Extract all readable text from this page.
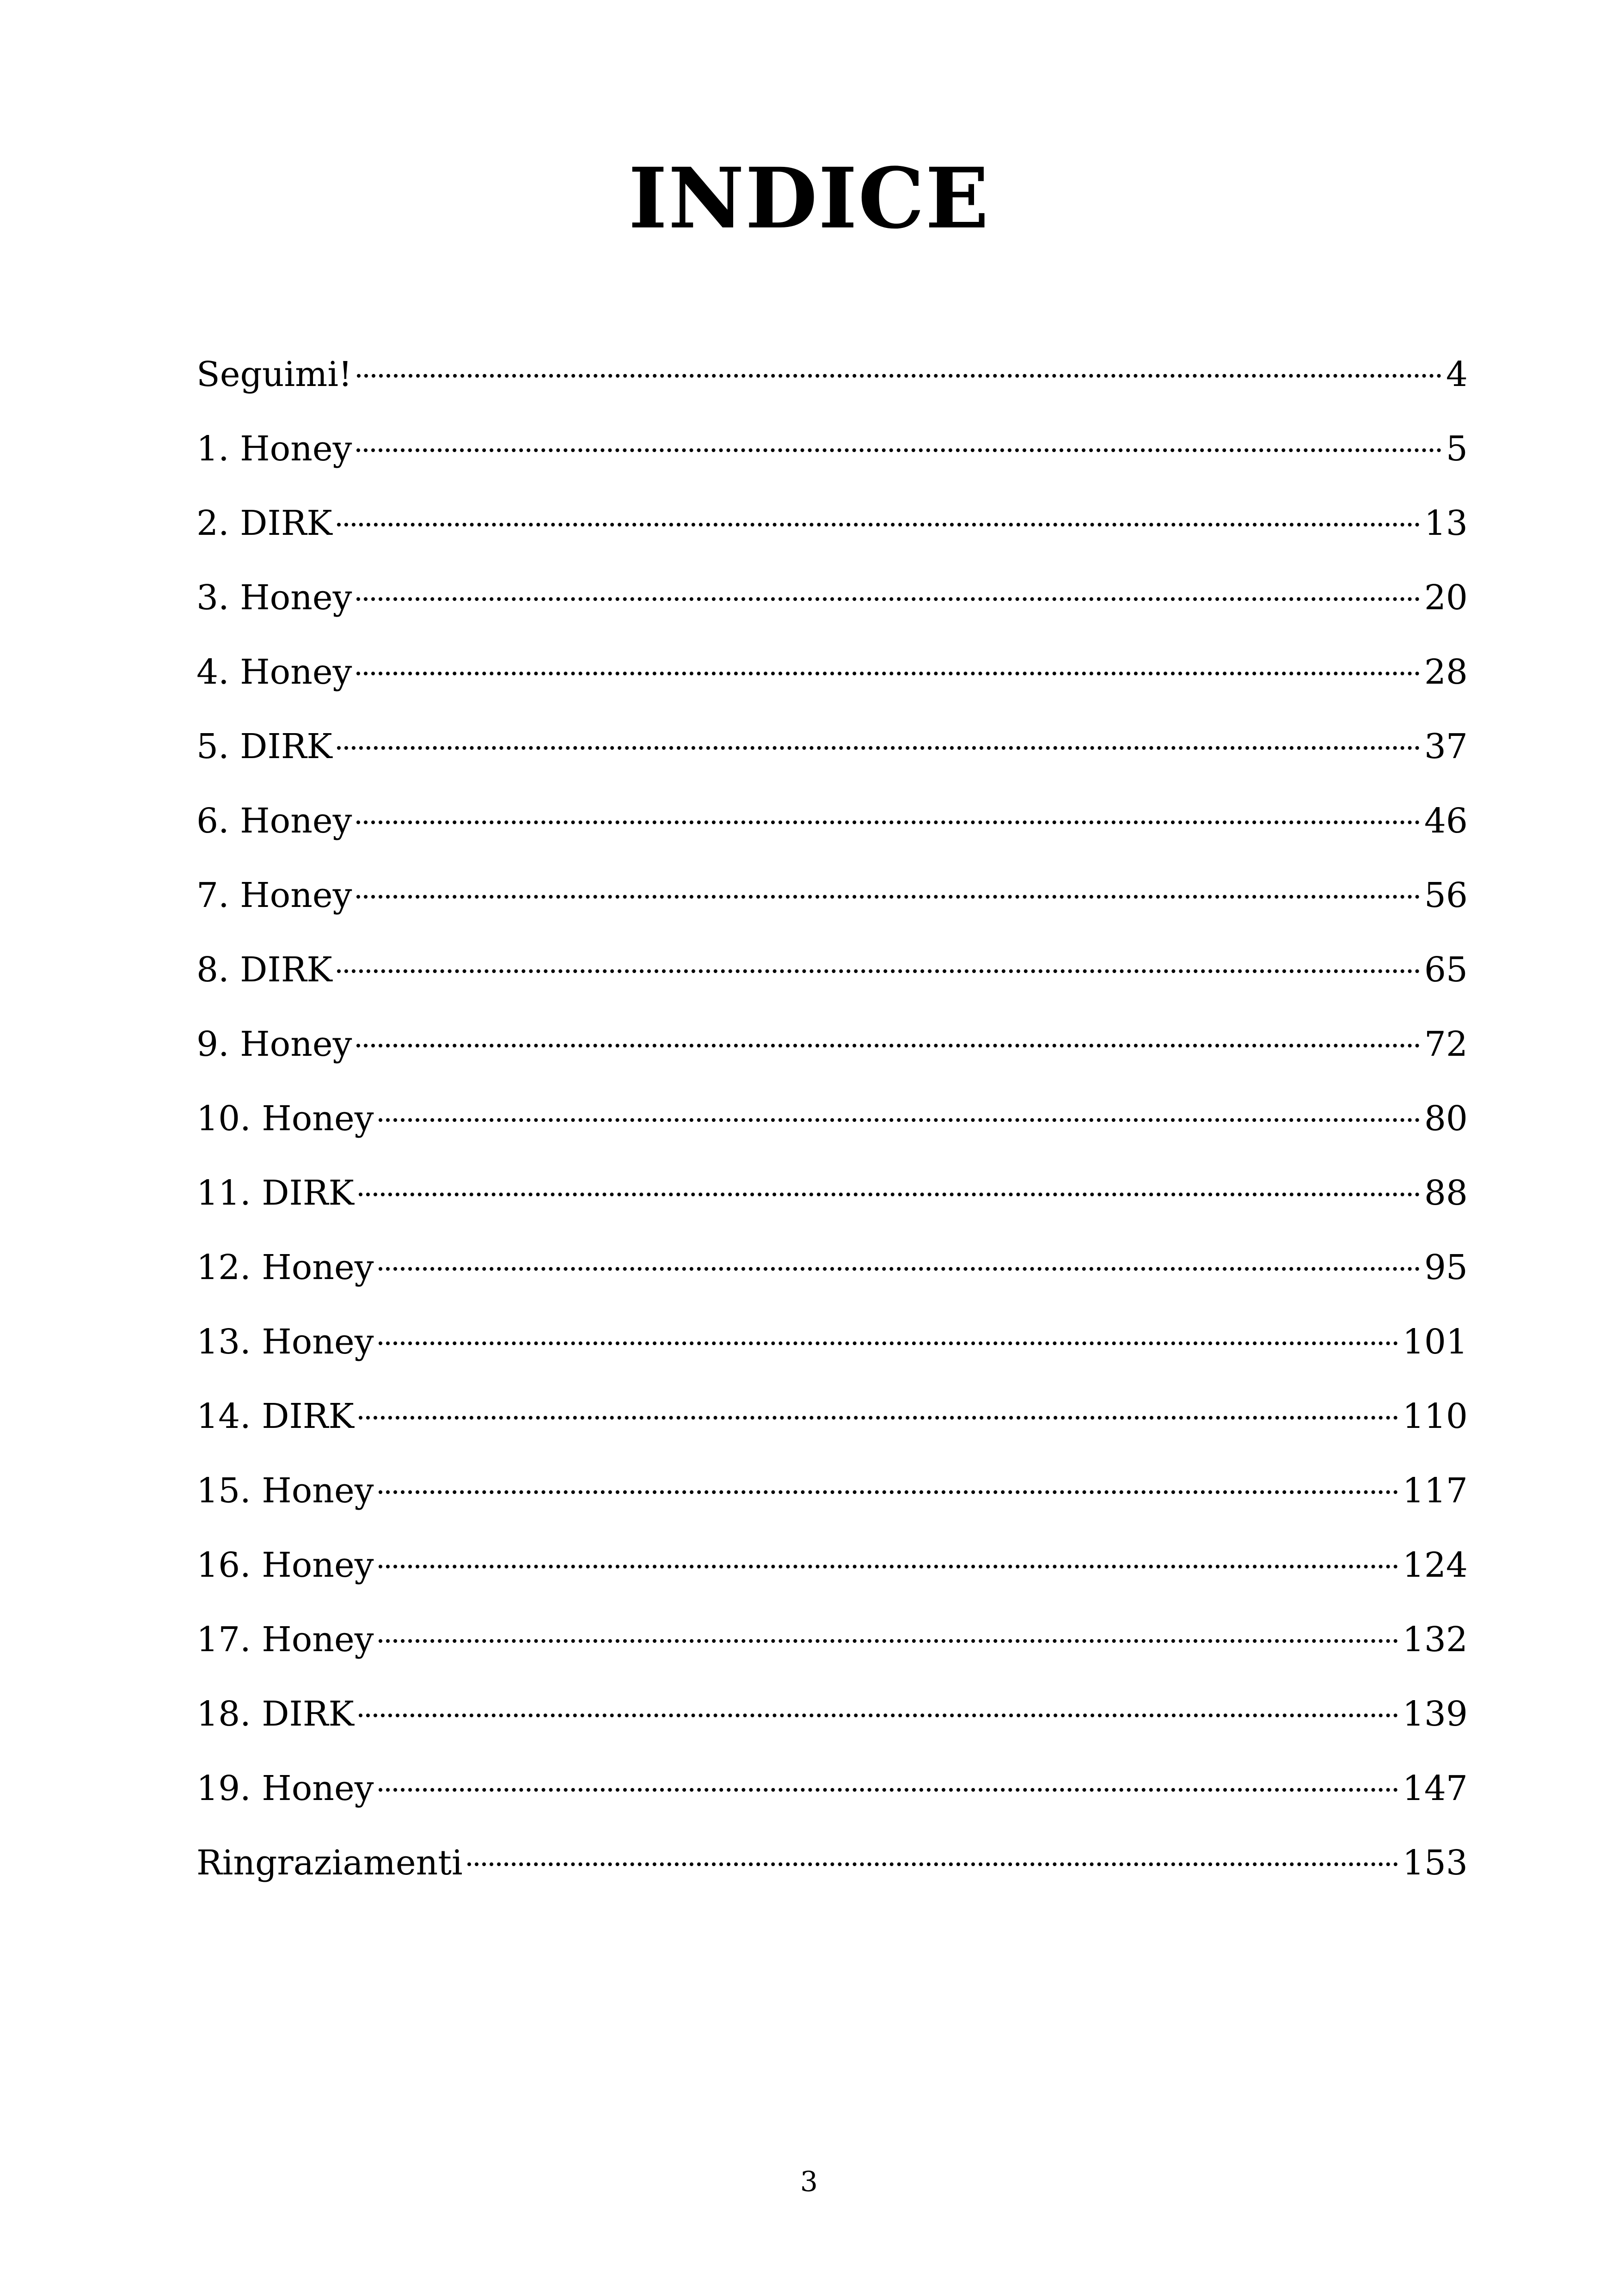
INDICE
Seguimi!	4
1. Honey	5
2. DIRK	13
3. Honey	20
4. Honey	28
5. DIRK	37
6. Honey	46
7. Honey	56
8. DIRK	65
9. Honey	72
10. Honey	80
11. DIRK	88
12. Honey	95
13. Honey	101
14. DIRK	110
15. Honey	117
16. Honey	124
17. Honey	132
18. DIRK	139
19. Honey	147
Ringraziamenti	153
3
